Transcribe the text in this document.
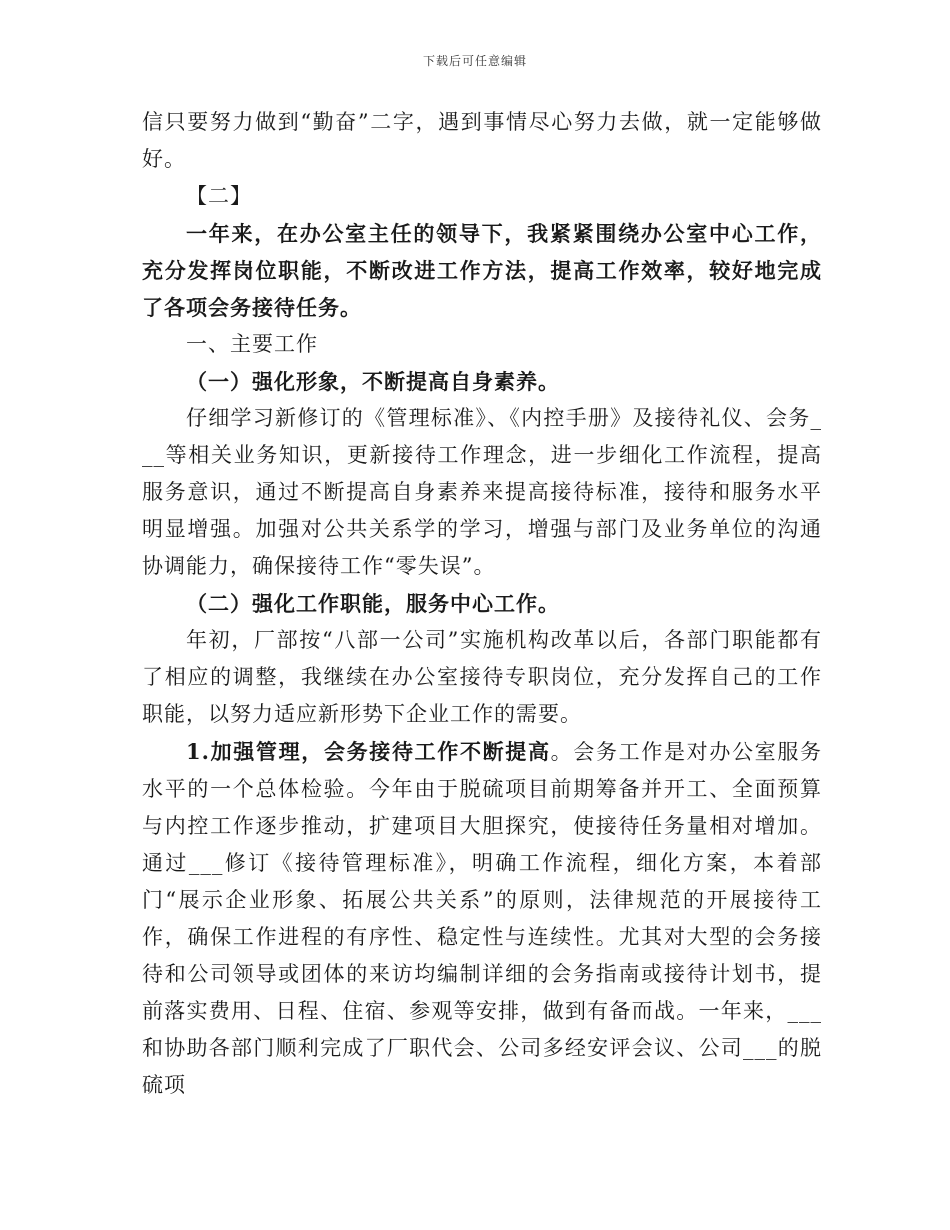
下载后可任意编辑

信只要努力做到“勤奋”二字，遇到事情尽心努力去做，就一定能够做好。

【二】

一年来，在办公室主任的领导下，我紧紧围绕办公室中心工作，充分发挥岗位职能，不断改进工作方法，提高工作效率，较好地完成了各项会务接待任务。

一、主要工作

（一）强化形象，不断提高自身素养。

仔细学习新修订的《管理标准》、《内控手册》及接待礼仪、会务___等相关业务知识，更新接待工作理念，进一步细化工作流程，提高服务意识，通过不断提高自身素养来提高接待标准，接待和服务水平明显增强。加强对公共关系学的学习，增强与部门及业务单位的沟通协调能力，确保接待工作“零失误”。

（二）强化工作职能，服务中心工作。

年初，厂部按“八部一公司”实施机构改革以后，各部门职能都有了相应的调整，我继续在办公室接待专职岗位，充分发挥自己的工作职能，以努力适应新形势下企业工作的需要。

1.加强管理，会务接待工作不断提高。会务工作是对办公室服务水平的一个总体检验。今年由于脱硫项目前期筹备并开工、全面预算与内控工作逐步推动，扩建项目大胆探究，使接待任务量相对增加。通过___修订《接待管理标准》，明确工作流程，细化方案，本着部门“展示企业形象、拓展公共关系”的原则，法律规范的开展接待工作，确保工作进程的有序性、稳定性与连续性。尤其对大型的会务接待和公司领导或团体的来访均编制详细的会务指南或接待计划书，提前落实费用、日程、住宿、参观等安排，做到有备而战。一年来，___和协助各部门顺利完成了厂职代会、公司多经安评会议、公司___的脱硫项
